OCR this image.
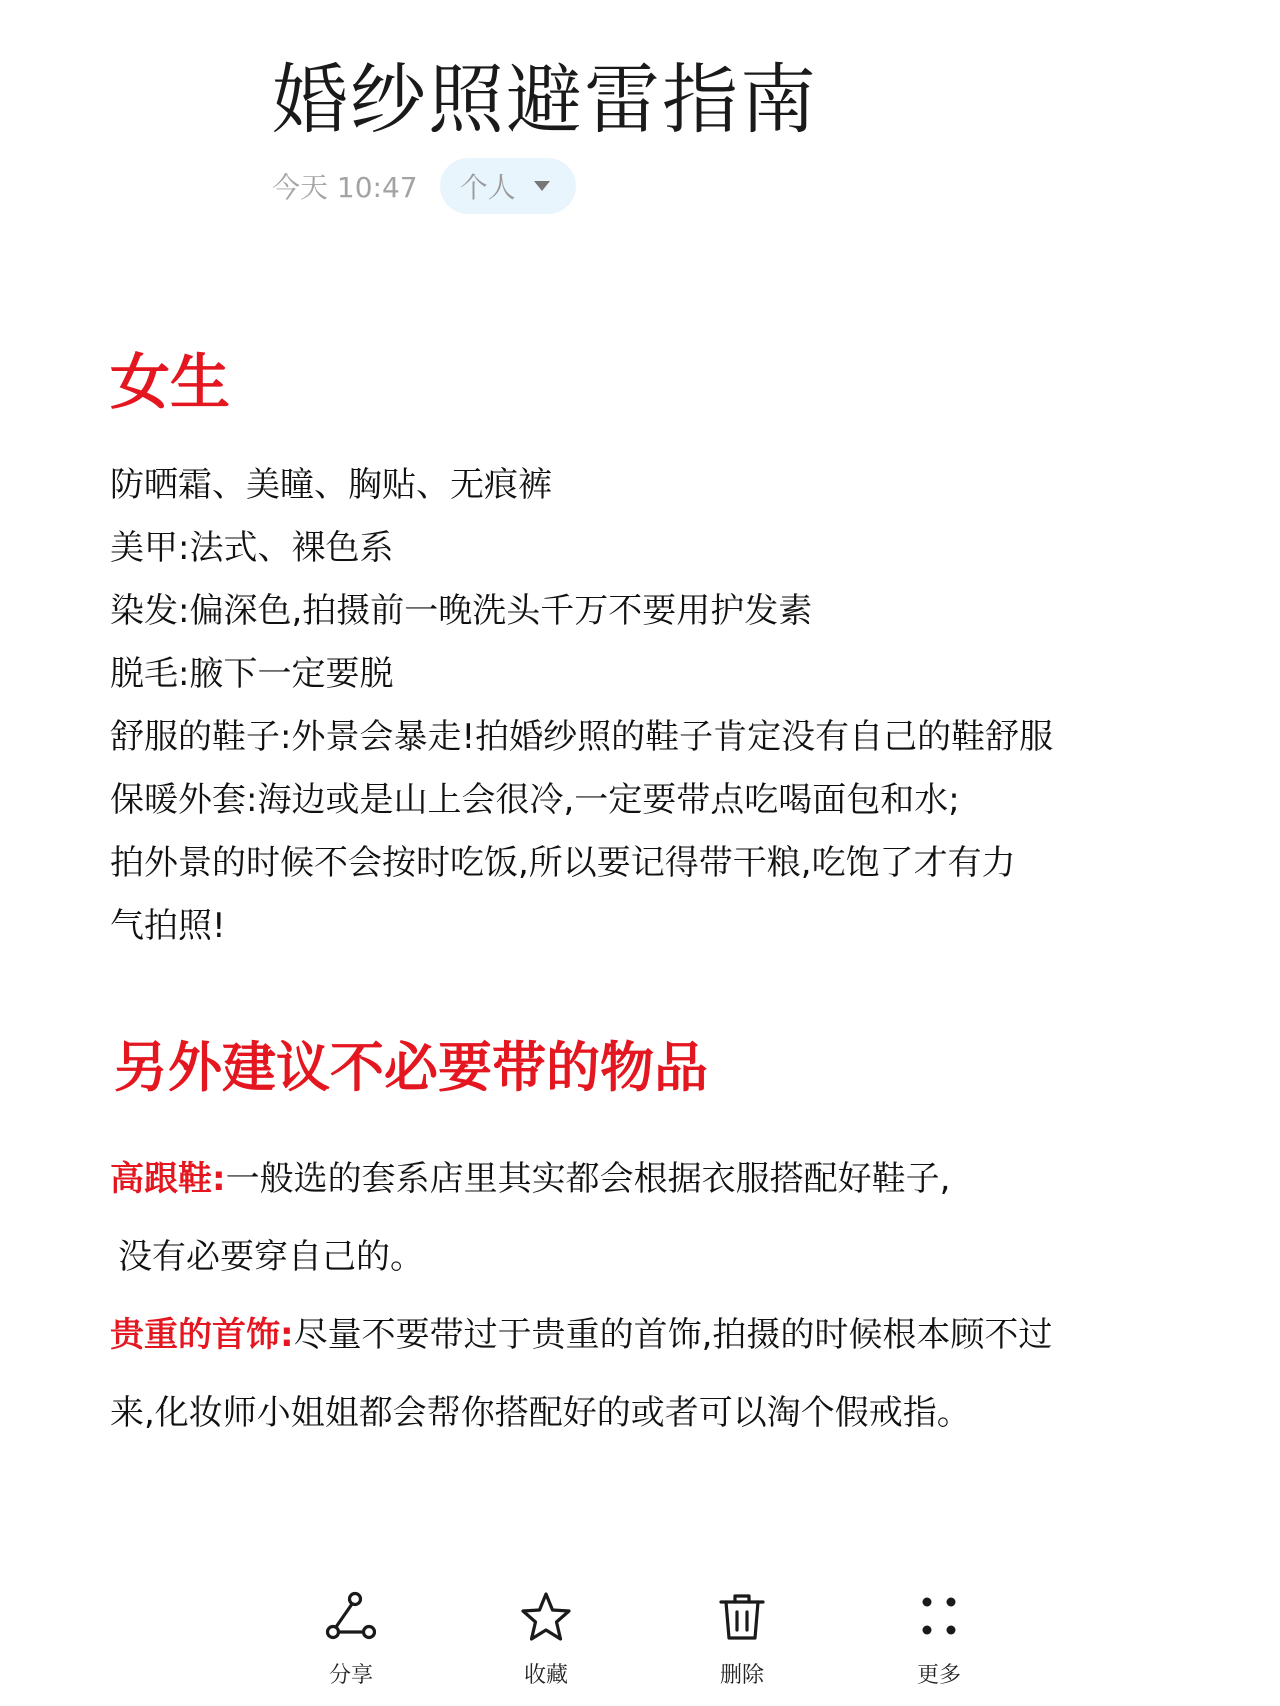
婚纱照避雷指南
今天 10:47 个人
女生

防晒霜、美瞳、胸贴、无痕裤

美甲:法式、裸色系

染发:偏深色,拍摄前一晚洗头千万不要用护发素

脱毛:腋下一定要脱

舒服的鞋子:外景会暴走!拍婚纱照的鞋子肯定没有自己的鞋舒服

保暖外套:海边或是山上会很冷,一定要带点吃喝面包和水;

拍外景的时候不会按时吃饭,所以要记得带干粮,吃饱了才有力

气拍照!

另外建议不必要带的物品

高跟鞋:一般选的套系店里其实都会根据衣服搭配好鞋子,

没有必要穿自己的。

贵重的首饰:尽量不要带过于贵重的首饰,拍摄的时候根本顾不过

来,化妆师小姐姐都会帮你搭配好的或者可以淘个假戒指。

分享	收藏	删除	更多
